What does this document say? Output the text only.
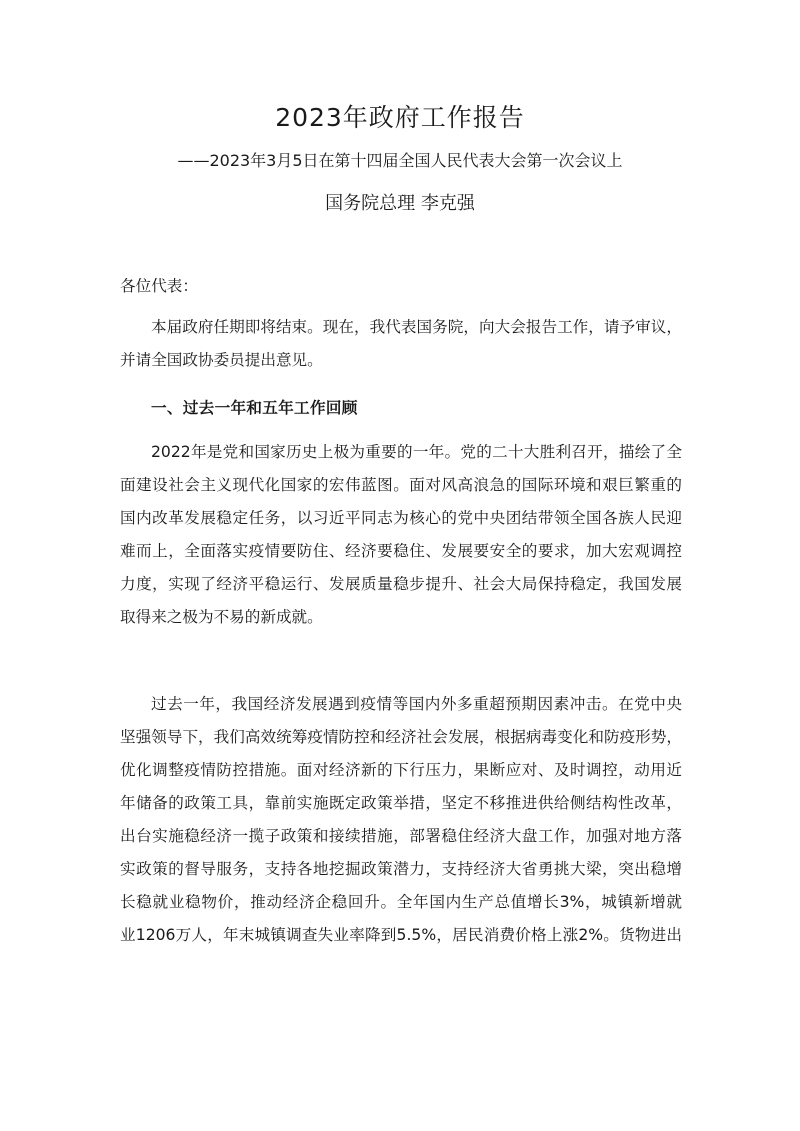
2023年政府工作报告
——2023年3月5日在第十四届全国人民代表大会第一次会议上
国务院总理 李克强
各位代表：
本届政府任期即将结束。现在，我代表国务院，向大会报告工作，请予审议，
并请全国政协委员提出意见。
一、过去一年和五年工作回顾
2022年是党和国家历史上极为重要的一年。党的二十大胜利召开，描绘了全
面建设社会主义现代化国家的宏伟蓝图。面对风高浪急的国际环境和艰巨繁重的
国内改革发展稳定任务，以习近平同志为核心的党中央团结带领全国各族人民迎
难而上，全面落实疫情要防住、经济要稳住、发展要安全的要求，加大宏观调控
力度，实现了经济平稳运行、发展质量稳步提升、社会大局保持稳定，我国发展
取得来之极为不易的新成就。
过去一年，我国经济发展遇到疫情等国内外多重超预期因素冲击。在党中央
坚强领导下，我们高效统筹疫情防控和经济社会发展，根据病毒变化和防疫形势，
优化调整疫情防控措施。面对经济新的下行压力，果断应对、及时调控，动用近
年储备的政策工具，靠前实施既定政策举措，坚定不移推进供给侧结构性改革，
出台实施稳经济一揽子政策和接续措施，部署稳住经济大盘工作，加强对地方落
实政策的督导服务，支持各地挖掘政策潜力，支持经济大省勇挑大梁，突出稳增
长稳就业稳物价，推动经济企稳回升。全年国内生产总值增长3%，城镇新增就
业1206万人，年末城镇调查失业率降到5.5%，居民消费价格上涨2%。货物进出
